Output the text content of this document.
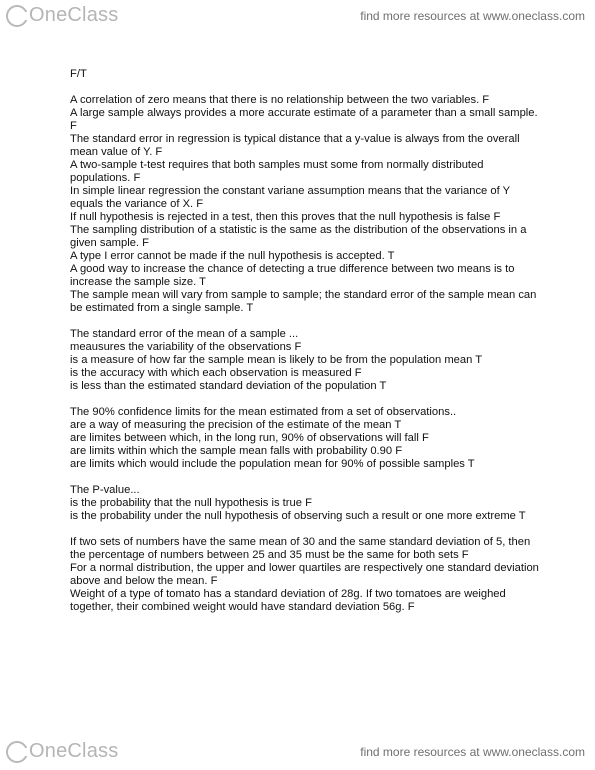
OneClass	find more resources at www.oneclass.com

F/T

A correlation of zero means that there is no relationship between the two variables. F

A large sample always provides a more accurate estimate of a parameter than a small sample. F

The standard error in regression is typical distance that a y-value is always from the overall mean value of Y. F

A two-sample t-test requires that both samples must some from normally distributed populations. F

In simple linear regression the constant variane assumption means that the variance of Y equals the variance of X. F

If null hypothesis is rejected in a test, then this proves that the null hypothesis is false F

The sampling distribution of a statistic is the same as the distribution of the observations in a given sample. F

A type I error cannot be made if the null hypothesis is accepted. T

A good way to increase the chance of detecting a true difference between two means is to increase the sample size. T

The sample mean will vary from sample to sample; the standard error of the sample mean can be estimated from a single sample. T

The standard error of the mean of a sample ...

meausures the variability of the observations F

is a measure of how far the sample mean is likely to be from the population mean T

is the accuracy with which each observation is measured F

is less than the estimated standard deviation of the population T

The 90% confidence limits for the mean estimated from a set of observations..

are a way of measuring the precision of the estimate of the mean T

are limites between which, in the long run, 90% of observations will fall F

are limits within which the sample mean falls with probability 0.90 F

are limits which would include the population mean for 90% of possible samples T

The P-value...

is the probability that the null hypothesis is true F

is the probability under the null hypothesis of observing such a result or one more extreme T

If two sets of numbers have the same mean of 30 and the same standard deviation of 5, then the percentage of numbers between 25 and 35 must be the same for both sets F

For a normal distribution, the upper and lower quartiles are respectively one standard deviation above and below the mean. F

Weight of a type of tomato has a standard deviation of 28g. If two tomatoes are weighed together, their combined weight would have standard deviation 56g. F

OneClass	find more resources at www.oneclass.com
